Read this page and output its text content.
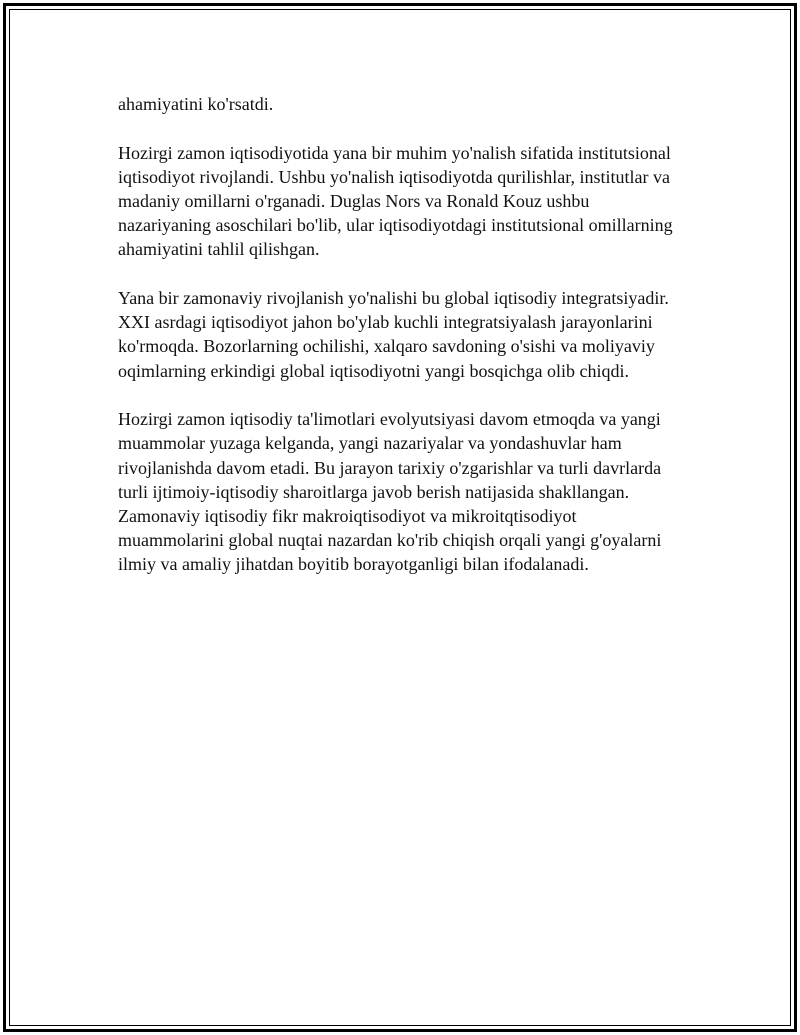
ahamiyatini ko'rsatdi.

Hozirgi zamon iqtisodiyotida yana bir muhim yo'nalish sifatida institutsional
iqtisodiyot rivojlandi. Ushbu yo'nalish iqtisodiyotda qurilishlar, institutlar va
madaniy omillarni o'rganadi. Duglas Nors va Ronald Kouz ushbu
nazariyaning asoschilari bo'lib, ular iqtisodiyotdagi institutsional omillarning
ahamiyatini tahlil qilishgan.

Yana bir zamonaviy rivojlanish yo'nalishi bu global iqtisodiy integratsiyadir.
XXI asrdagi iqtisodiyot jahon bo'ylab kuchli integratsiyalash jarayonlarini
ko'rmoqda. Bozorlarning ochilishi, xalqaro savdoning o'sishi va moliyaviy
oqimlarning erkindigi global iqtisodiyotni yangi bosqichga olib chiqdi.

Hozirgi zamon iqtisodiy ta'limotlari evolyutsiyasi davom etmoqda va yangi
muammolar yuzaga kelganda, yangi nazariyalar va yondashuvlar ham
rivojlanishda davom etadi. Bu jarayon tarixiy o'zgarishlar va turli davrlarda
turli ijtimoiy-iqtisodiy sharoitlarga javob berish natijasida shakllangan.
Zamonaviy iqtisodiy fikr makroiqtisodiyot va mikroitqtisodiyot
muammolarini global nuqtai nazardan ko'rib chiqish orqali yangi g'oyalarni
ilmiy va amaliy jihatdan boyitib borayotganligi bilan ifodalanadi.
